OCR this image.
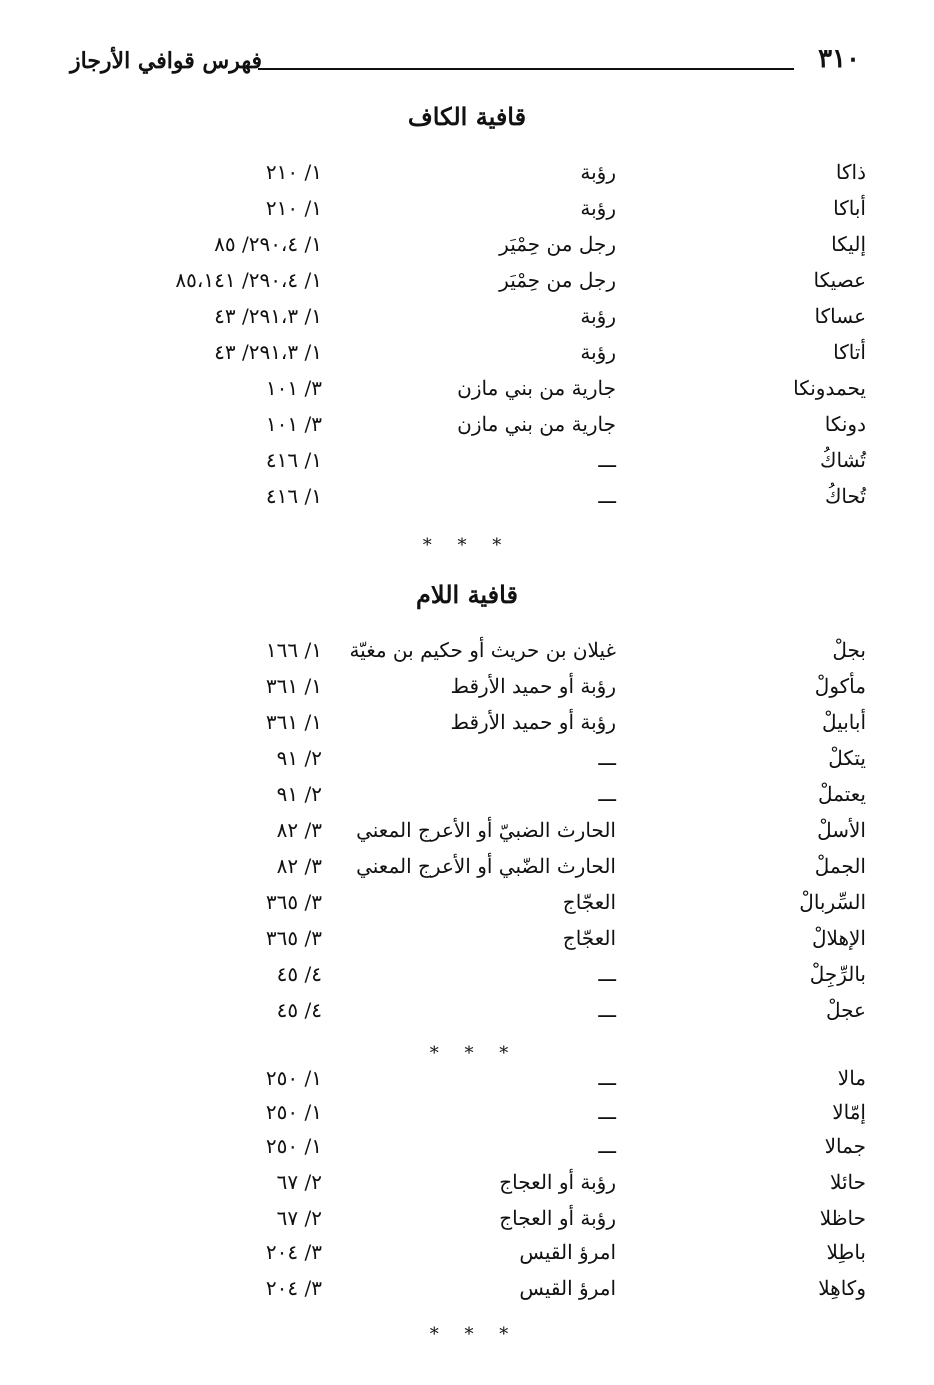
٣١٠
فهرس قوافي الأرجاز
قافية الكاف
ذاكا
رؤبة
١/ ٢١٠
أباكا
رؤبة
١/ ٢١٠
إليكا
رجل من حِمْيَر
١/ ٢٩٠،٤/ ٨٥
عصيكا
رجل من حِمْيَر
١/ ٢٩٠،٤/ ٨٥،١٤١
عساكا
رؤبة
١/ ٢٩١،٣/ ٤٣
أتاكا
رؤبة
١/ ٢٩١،٣/ ٤٣
يحمدونكا
جارية من بني مازن
٣/ ١٠١
دونكا
جارية من بني مازن
٣/ ١٠١
تُشاكُ
ـــ
١/ ٤١٦
تُحاكُ
ـــ
١/ ٤١٦
* * *
قافية اللام
بجلْ
غيلان بن حريث أو حكيم بن مغيّة
١/ ١٦٦
مأكولْ
رؤبة أو حميد الأرقط
١/ ٣٦١
أبابيلْ
رؤبة أو حميد الأرقط
١/ ٣٦١
يتكلْ
ـــ
٢/ ٩١
يعتملْ
ـــ
٢/ ٩١
الأسلْ
الحارث الضبيّ أو الأعرج المعني
٣/ ٨٢
الجملْ
الحارث الضّبي أو الأعرج المعني
٣/ ٨٢
السِّربالْ
العجّاج
٣/ ٣٦٥
الإهلالْ
العجّاج
٣/ ٣٦٥
بالرِّجِلْ
ـــ
٤/ ٤٥
عجلْ
ـــ
٤/ ٤٥
* * *
مالا
ـــ
١/ ٢٥٠
إمّالا
ـــ
١/ ٢٥٠
جمالا
ـــ
١/ ٢٥٠
حائلا
رؤبة أو العجاج
٢/ ٦٧
حاظلا
رؤبة أو العجاج
٢/ ٦٧
باطِلا
امرؤ القيس
٣/ ٢٠٤
وكاهِلا
امرؤ القيس
٣/ ٢٠٤
* * *
